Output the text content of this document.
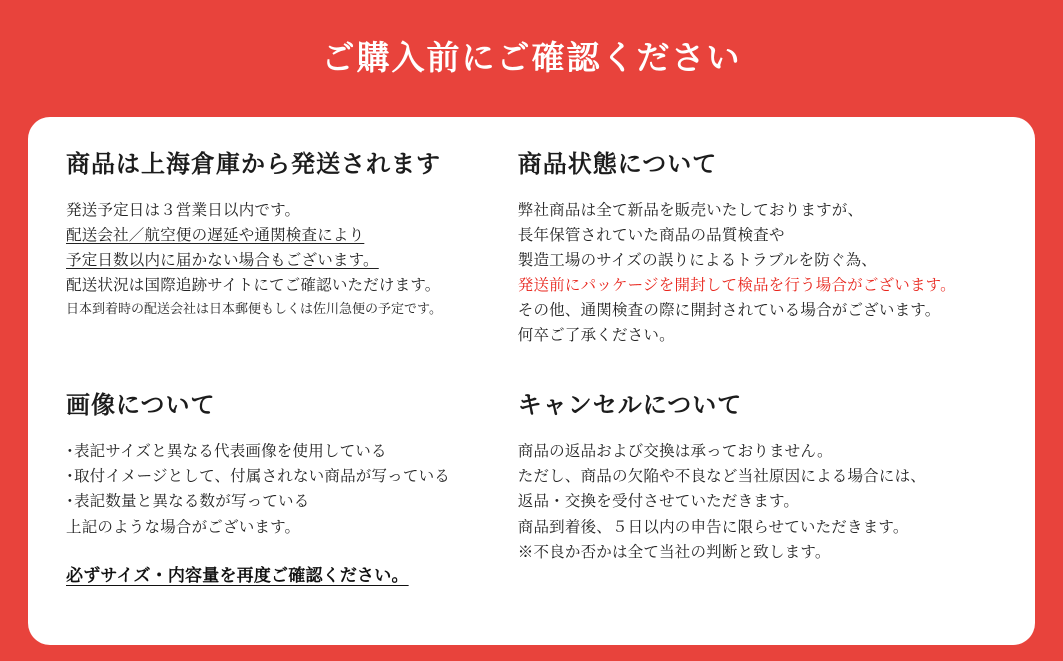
ご購入前にご確認ください
商品は上海倉庫から発送されます

発送予定日は３営業日以内です。

配送会社／航空便の遅延や通関検査により

予定日数以内に届かない場合もございます。

配送状況は国際追跡サイトにてご確認いただけます。

日本到着時の配送会社は日本郵便もしくは佐川急便の予定です。

商品状態について

弊社商品は全て新品を販売いたしておりますが、

長年保管されていた商品の品質検査や

製造工場のサイズの誤りによるトラブルを防ぐ為、

発送前にパッケージを開封して検品を行う場合がございます。

その他、通関検査の際に開封されている場合がございます。

何卒ご了承ください。

画像について

･表記サイズと異なる代表画像を使用している

･取付イメージとして、付属されない商品が写っている

･表記数量と異なる数が写っている

上記のような場合がございます。

必ずサイズ・内容量を再度ご確認ください。

キャンセルについて

商品の返品および交換は承っておりません。

ただし、商品の欠陥や不良など当社原因による場合には、

返品・交換を受付させていただきます。

商品到着後、５日以内の申告に限らせていただきます。

※不良か否かは全て当社の判断と致します。
